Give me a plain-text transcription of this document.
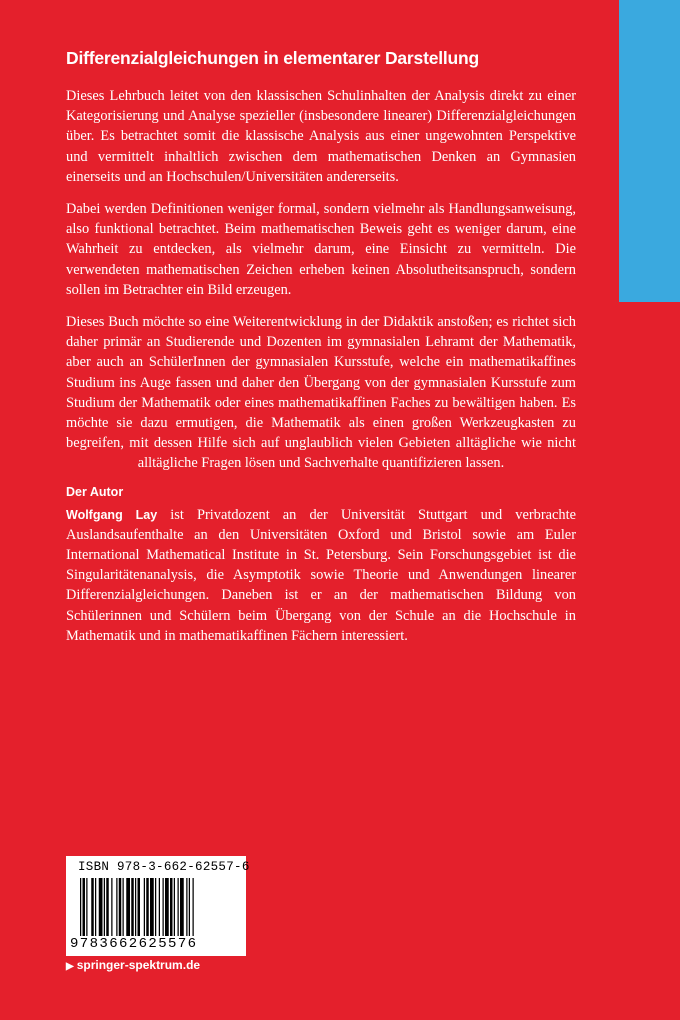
Differenzialgleichungen in elementarer Darstellung

Dieses Lehrbuch leitet von den klassischen Schulinhalten der Analysis direkt zu einer Kategorisierung und Analyse spezieller (insbesondere linearer) Differenzialgleichungen über. Es betrachtet somit die klassische Analysis aus einer ungewohnten Perspektive und vermittelt inhaltlich zwischen dem mathematischen Denken an Gymnasien einerseits und an Hochschulen/Universitäten andererseits.

Dabei werden Definitionen weniger formal, sondern vielmehr als Handlungsanweisung, also funktional betrachtet. Beim mathematischen Beweis geht es weniger darum, eine Wahrheit zu entdecken, als vielmehr darum, eine Einsicht zu vermitteln. Die verwendeten mathematischen Zeichen erheben keinen Absolutheitsanspruch, sondern sollen im Betrachter ein Bild erzeugen.

Dieses Buch möchte so eine Weiterentwicklung in der Didaktik anstoßen; es richtet sich daher primär an Studierende und Dozenten im gymnasialen Lehramt der Mathematik, aber auch an SchülerInnen der gymnasialen Kursstufe, welche ein mathematikaffines Studium ins Auge fassen und daher den Übergang von der gymnasialen Kursstufe zum Studium der Mathematik oder eines mathematikaffinen Faches zu bewältigen haben. Es möchte sie dazu ermutigen, die Mathematik als einen großen Werkzeugkasten zu begreifen, mit dessen Hilfe sich auf unglaublich vielen Gebieten alltägliche wie nicht alltägliche Fragen lösen und Sachverhalte quantifizieren lassen.

Der Autor

Wolfgang Lay ist Privatdozent an der Universität Stuttgart und verbrachte Auslandsaufenthalte an den Universitäten Oxford und Bristol sowie am Euler International Mathematical Institute in St. Petersburg. Sein Forschungsgebiet ist die Singularitätenanalysis, die Asymptotik sowie Theorie und Anwendungen linearer Differenzialgleichungen. Daneben ist er an der mathematischen Bildung von Schülerinnen und Schülern beim Übergang von der Schule an die Hochschule in Mathematik und in mathematikaffinen Fächern interessiert.

ISBN 978-3-662-62557-6
9783662625576
▶ springer-spektrum.de
